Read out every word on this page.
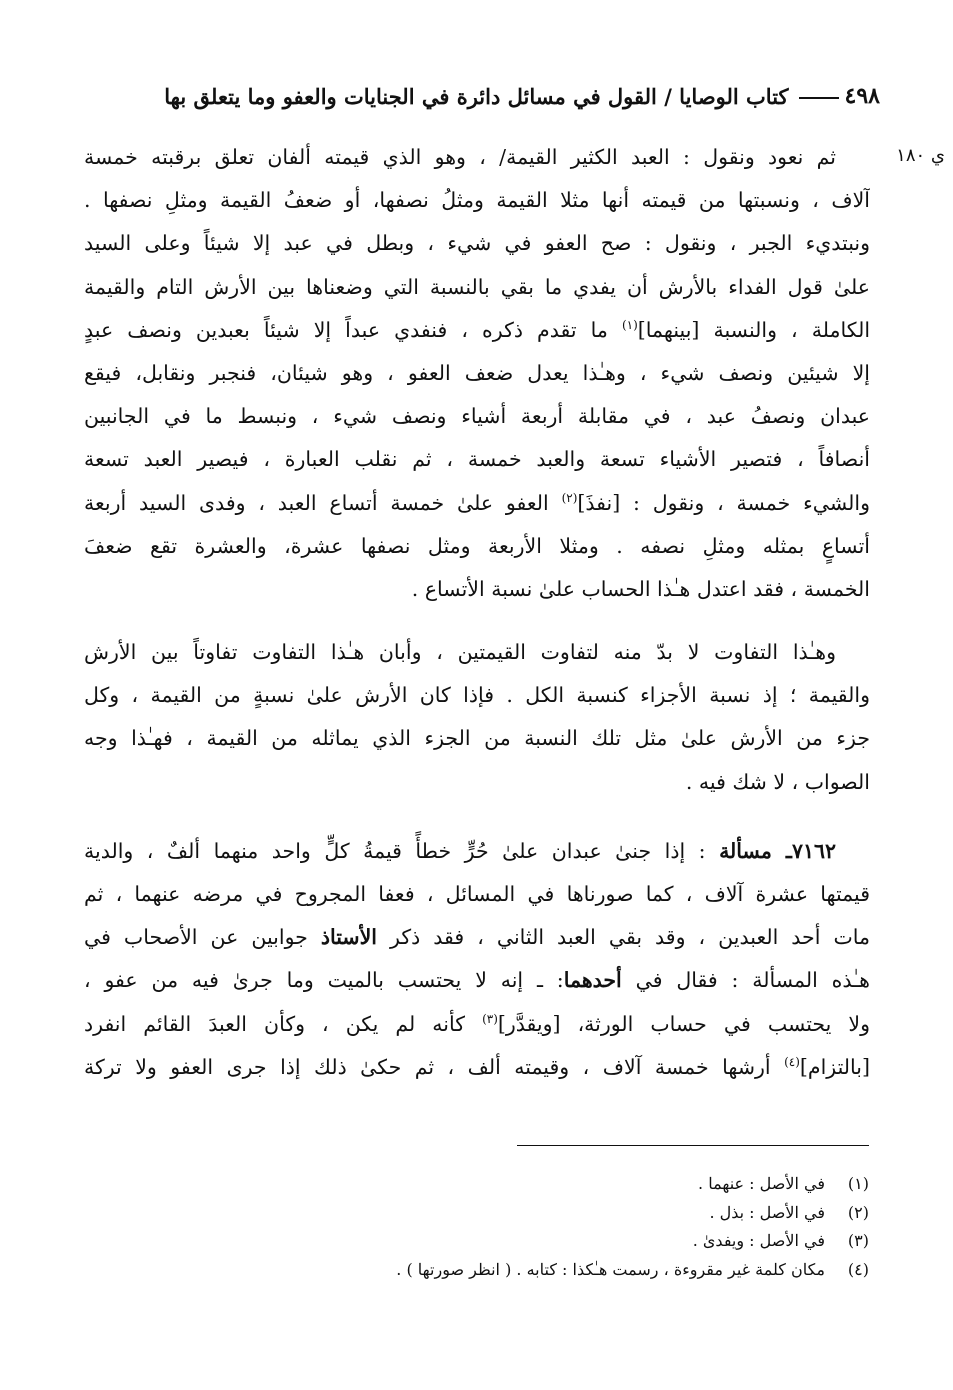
٤٩٨
كتاب الوصايا / القول في مسائل دائرة في الجنايات والعفو وما يتعلق بها
ي ١٨٠
ثم نعود ونقول : العبد الكثير القيمة/ ، وهو الذي قيمته ألفان تعلق برقبته خمسة
آلاف ، ونسبتها من قيمته أنها مثلا القيمة ومثلُ نصفها، أو ضعفُ القيمة ومثلِ نصفها .
ونبتديء الجبر ، ونقول : صح العفو في شيء ، وبطل في عبد إلا شيئاً وعلى السيد
علىٰ قول الفداء بالأرش أن يفدي ما بقي بالنسبة التي وضعناها بين الأرش التام والقيمة
الكاملة ، والنسبة [بينهما]$^{(١)}$ ما تقدم ذكره ، فنفدي عبداً إلا شيئاً بعبدين ونصف عبدٍ
إلا شيئين ونصف شيء ، وهـٰذا يعدل ضعف العفو ، وهو شيئان، فنجبر ونقابل، فيقع
عبدان ونصفُ عبد ، في مقابلة أربعة أشياء ونصف شيء ، ونبسط ما في الجانبين
أنصافاً ، فتصير الأشياء تسعة والعبد خمسة ، ثم نقلب العبارة ، فيصير العبد تسعة
والشيء خمسة ، ونقول : [نفذَ]$^{(٢)}$ العفو علىٰ خمسة أتساع العبد ، وفدى السيد أربعة
أتساعٍ بمثله ومثلِ نصفه . ومثلا الأربعة ومثل نصفها عشرة، والعشرة تقع ضعفَ
الخمسة ، فقد اعتدل هـٰذا الحساب علىٰ نسبة الأتساع .
وهـٰذا التفاوت لا بدّ منه لتفاوت القيمتين ، وأبان هـٰذا التفاوت تفاوتاً بين الأرش
والقيمة ؛ إذ نسبة الأجزاء كنسبة الكل . فإذا كان الأرش علىٰ نسبةٍ من القيمة ، وكل
جزء من الأرش علىٰ مثل تلك النسبة من الجزء الذي يماثله من القيمة ، فهـٰذا وجه
الصواب ، لا شك فيه .
٧١٦٢ـ مسألة : إذا جنىٰ عبدان علىٰ حُرٍّ خطأً قيمةُ كلٍّ واحد منهما ألفٌ ، والدية
قيمتها عشرة آلاف ، كما صورناها في المسائل ، فعفا المجروح في مرضه عنهما ، ثم
مات أحد العبدين ، وقد بقي العبد الثاني ، فقد ذكر الأستاذ جوابين عن الأصحاب في
هـٰذه المسألة : فقال في أحدهما: ـ إنه لا يحتسب بالميت وما جرىٰ فيه من عفو ،
ولا يحتسب في حساب الورثة، [ويقدَّر]$^{(٣)}$ كأنه لم يكن ، وكأن العبدَ القائم انفرد
[بالتزام]$^{(٤)}$ أرشها خمسة آلاف ، وقيمته ألف ، ثم حكىٰ ذلك إذا جرى العفو ولا تركة
(١)
في الأصل : عنهما .
(٢)
في الأصل : بذل .
(٣)
في الأصل : ويفدىٰ .
(٤)
مكان كلمة غير مقروءة ، رسمت هـٰكذا : كتابه . ( انظر صورتها ) .
